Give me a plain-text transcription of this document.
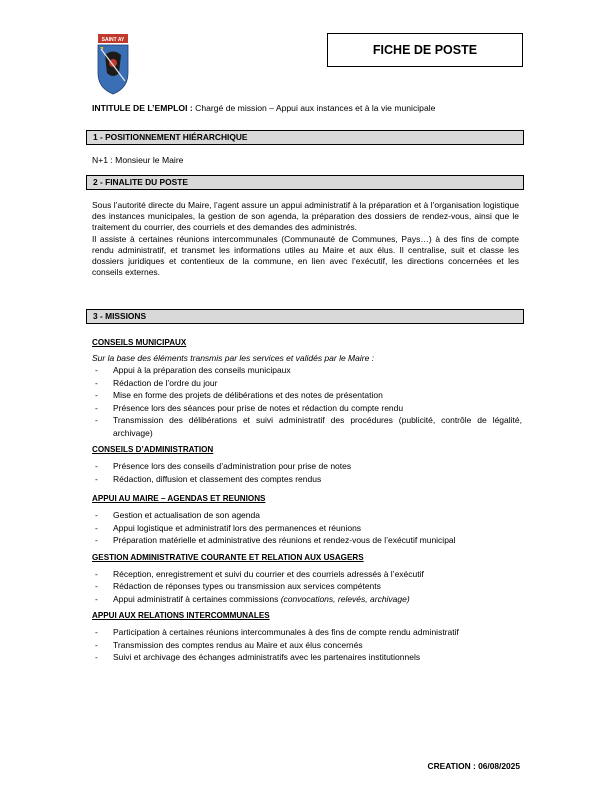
SAINT AY
FICHE DE POSTE
INTITULE DE L’EMPLOI : Chargé de mission – Appui aux instances et à la vie municipale
1 - POSITIONNEMENT HIÉRARCHIQUE
N+1 : Monsieur le Maire
2 - FINALITE DU POSTE

Sous l’autorité directe du Maire, l’agent assure un appui administratif à la préparation et à l’organisation logistique des instances municipales, la gestion de son agenda, la préparation des dossiers de rendez-vous, ainsi que le traitement du courrier, des courriels et des demandes des administrés.

Il assiste à certaines réunions intercommunales (Communauté de Communes, Pays…) à des fins de compte rendu administratif, et transmet les informations utiles au Maire et aux élus. Il centralise, suit et classe les dossiers juridiques et contentieux de la commune, en lien avec l’exécutif, les directions concernées et les conseils externes.

3 - MISSIONS
CONSEILS MUNICIPAUX
Sur la base des éléments transmis par les services et validés par le Maire :
- Appui à la préparation des conseils municipaux
- Rédaction de l’ordre du jour
- Mise en forme des projets de délibérations et des notes de présentation
- Présence lors des séances pour prise de notes et rédaction du compte rendu
- Transmission des délibérations et suivi administratif des procédures (publicité, contrôle de légalité, archivage)
CONSEILS D’ADMINISTRATION
- Présence lors des conseils d’administration pour prise de notes
- Rédaction, diffusion et classement des comptes rendus
APPUI AU MAIRE – AGENDAS ET REUNIONS
- Gestion et actualisation de son agenda
- Appui logistique et administratif lors des permanences et réunions
- Préparation matérielle et administrative des réunions et rendez-vous de l’exécutif municipal
GESTION ADMINISTRATIVE COURANTE ET RELATION AUX USAGERS
- Réception, enregistrement et suivi du courrier et des courriels adressés à l’exécutif
- Rédaction de réponses types ou transmission aux services compétents
- Appui administratif à certaines commissions (convocations, relevés, archivage)
APPUI AUX RELATIONS INTERCOMMUNALES
- Participation à certaines réunions intercommunales à des fins de compte rendu administratif
- Transmission des comptes rendus au Maire et aux élus concernés
- Suivi et archivage des échanges administratifs avec les partenaires institutionnels
CREATION : 06/08/2025
